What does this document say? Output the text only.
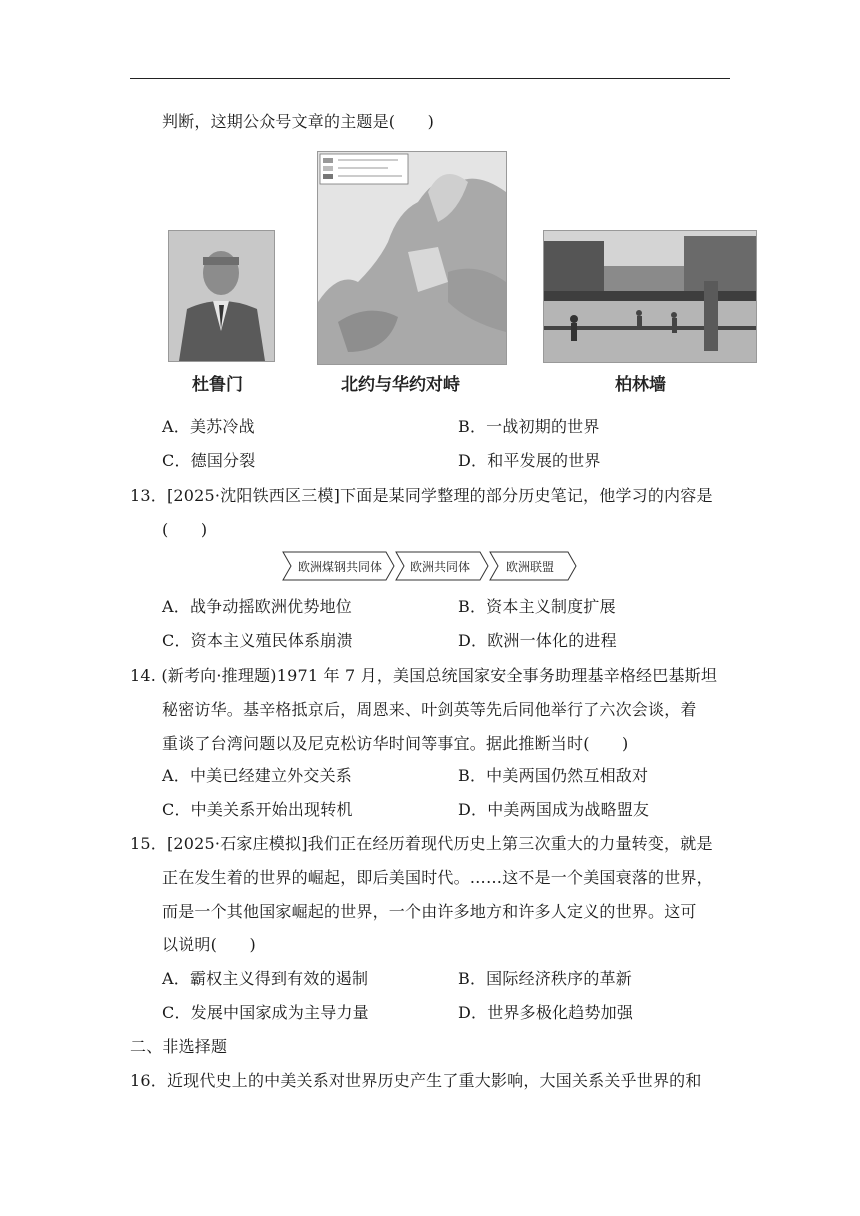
判断，这期公众号文章的主题是(　　)
杜鲁门	北约与华约对峙	柏林墙
A．美苏冷战	B．一战初期的世界
C．德国分裂	D．和平发展的世界
13．[2025·沈阳铁西区三模]下面是某同学整理的部分历史笔记，他学习的内容是
(　　)
欧洲煤钢共同体 欧洲共同体	欧洲联盟
A．战争动摇欧洲优势地位	B．资本主义制度扩展
C．资本主义殖民体系崩溃	D．欧洲一体化的进程
14. (新考向·推理题)1971 年 7 月，美国总统国家安全事务助理基辛格经巴基斯坦
秘密访华。基辛格抵京后，周恩来、叶剑英等先后同他举行了六次会谈，着
重谈了台湾问题以及尼克松访华时间等事宜。据此推断当时(　　)
A．中美已经建立外交关系	B．中美两国仍然互相敌对
C．中美关系开始出现转机	D．中美两国成为战略盟友
15．[2025·石家庄模拟]我们正在经历着现代历史上第三次重大的力量转变，就是
正在发生着的世界的崛起，即后美国时代。……这不是一个美国衰落的世界，
而是一个其他国家崛起的世界，一个由许多地方和许多人定义的世界。这可
以说明(　　)
A．霸权主义得到有效的遏制	B．国际经济秩序的革新
C．发展中国家成为主导力量	D．世界多极化趋势加强
二、非选择题
16．近现代史上的中美关系对世界历史产生了重大影响，大国关系关乎世界的和
